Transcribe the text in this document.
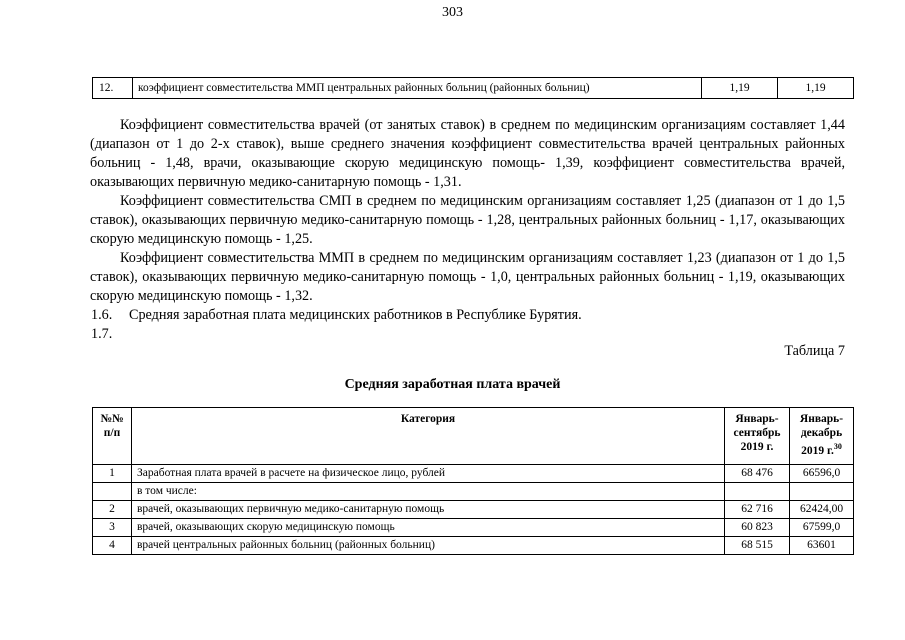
303
12.	коэффициент совместительства ММП центральных районных больниц (районных больниц)	1,19	1,19

Коэффициент совместительства врачей (от занятых ставок) в среднем по медицинским организациям составляет 1,44 (диапазон от 1 до 2-х ставок), выше среднего значения коэффициент совместительства врачей центральных районных больниц - 1,48, врачи, оказывающие скорую медицинскую помощь- 1,39, коэффициент совместительства врачей, оказывающих первичную медико-санитарную помощь - 1,31.

Коэффициент совместительства СМП в среднем по медицинским организациям составляет 1,25 (диапазон от 1 до 1,5 ставок), оказывающих первичную медико-санитарную помощь - 1,28, центральных районных больниц - 1,17, оказывающих скорую медицинскую помощь - 1,25.

Коэффициент совместительства ММП в среднем по медицинским организациям составляет 1,23 (диапазон от 1 до 1,5 ставок), оказывающих первичную медико-санитарную помощь - 1,0, центральных районных больниц - 1,19, оказывающих скорую медицинскую помощь - 1,32.

1.6. Средняя заработная плата медицинских работников в Республике Бурятия.
1.7.
Таблица 7
Средняя заработная плата врачей
№№ п/п	Категория	Январь-сентябрь 2019 г.	Январь-декабрь 2019 г.$^{30}$
1	Заработная плата врачей в расчете на физическое лицо, рублей	68 476	66596,0
	в том числе:		
2	врачей, оказывающих первичную медико-санитарную помощь	62 716	62424,00
3	врачей, оказывающих скорую медицинскую помощь	60 823	67599,0
4	врачей центральных районных больниц (районных больниц)	68 515	63601
